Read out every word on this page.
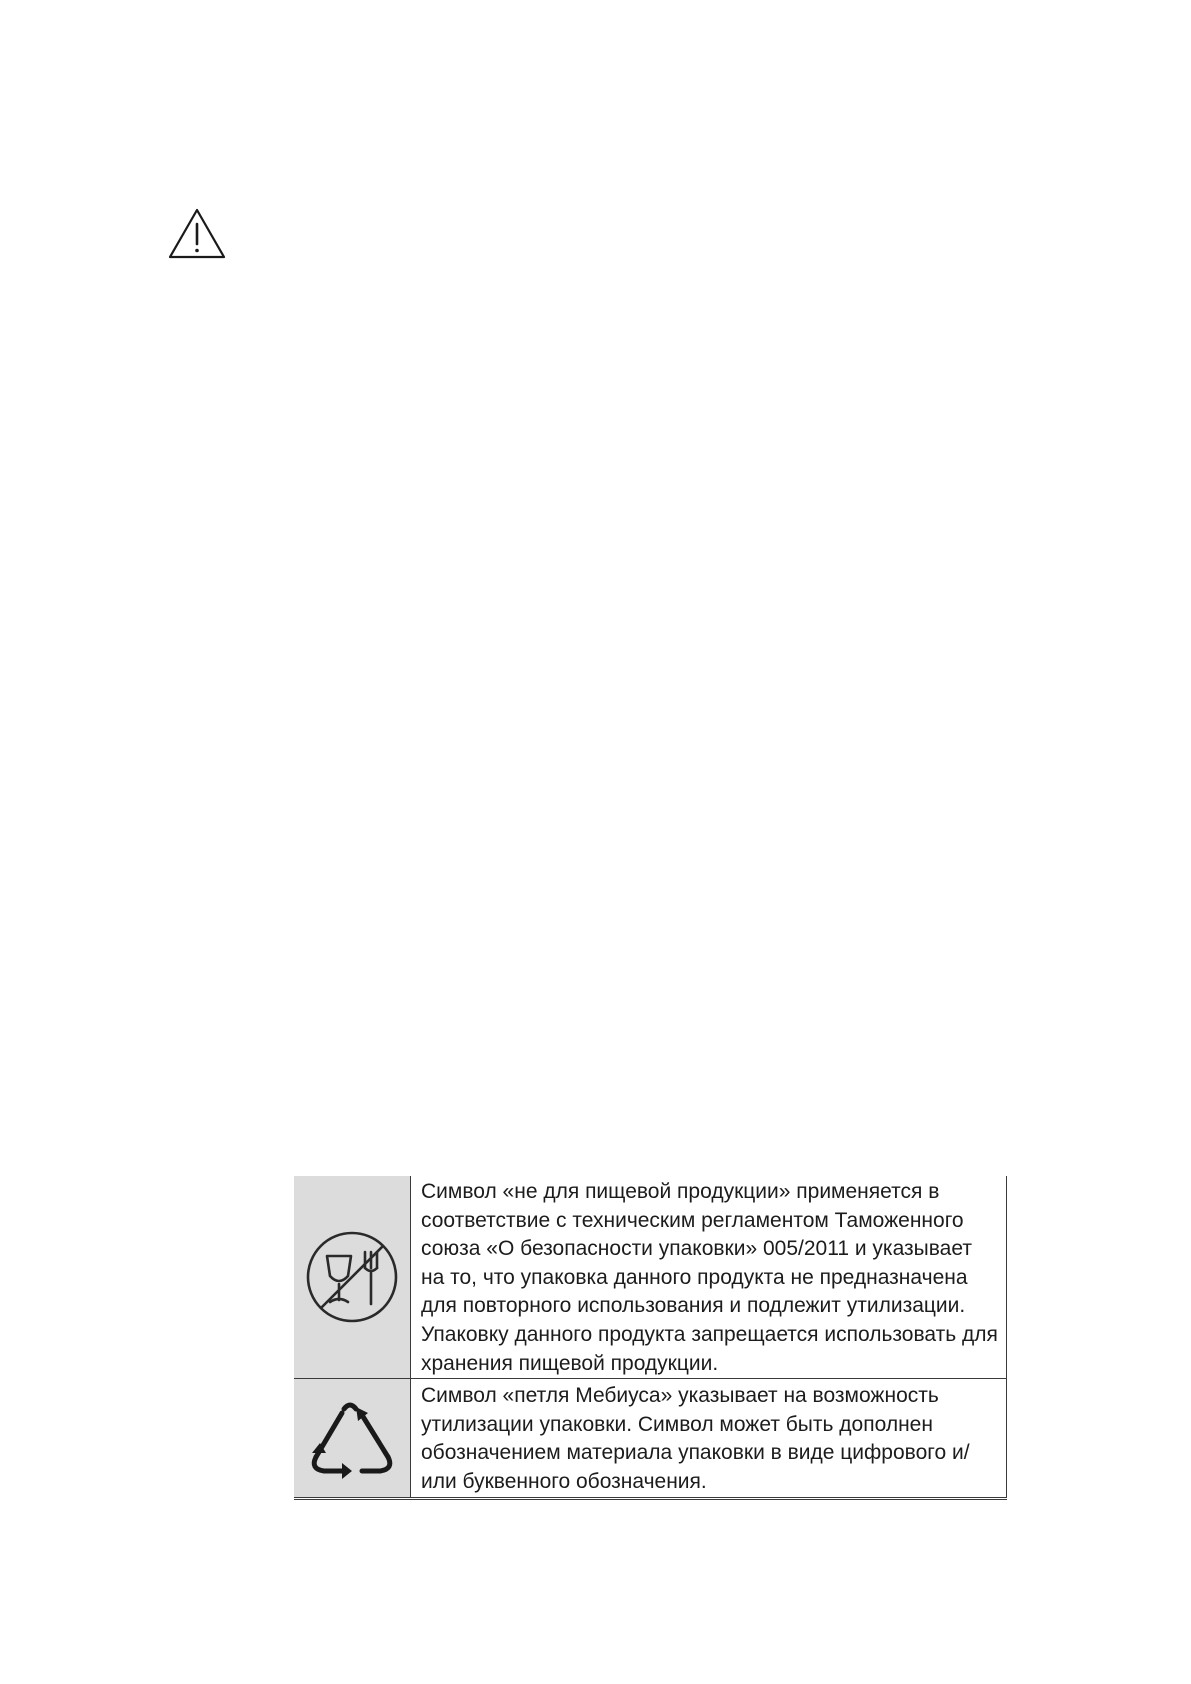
	Символ «не для пищевой продукции» применяется в соответствие с техническим регламентом Таможенного союза «О безопасности упаковки» 005/2011 и указывает на то, что упаковка данного продукта не предназначена для повторного использования и подлежит утилизации. Упаковку данного продукта запрещается использовать для хранения пищевой продукции.

	Символ «петля Мебиуса» указывает на возможность утилизации упаковки. Символ может быть дополнен обозначением материала упаковки в виде цифрового и/или буквенного обозначения.
